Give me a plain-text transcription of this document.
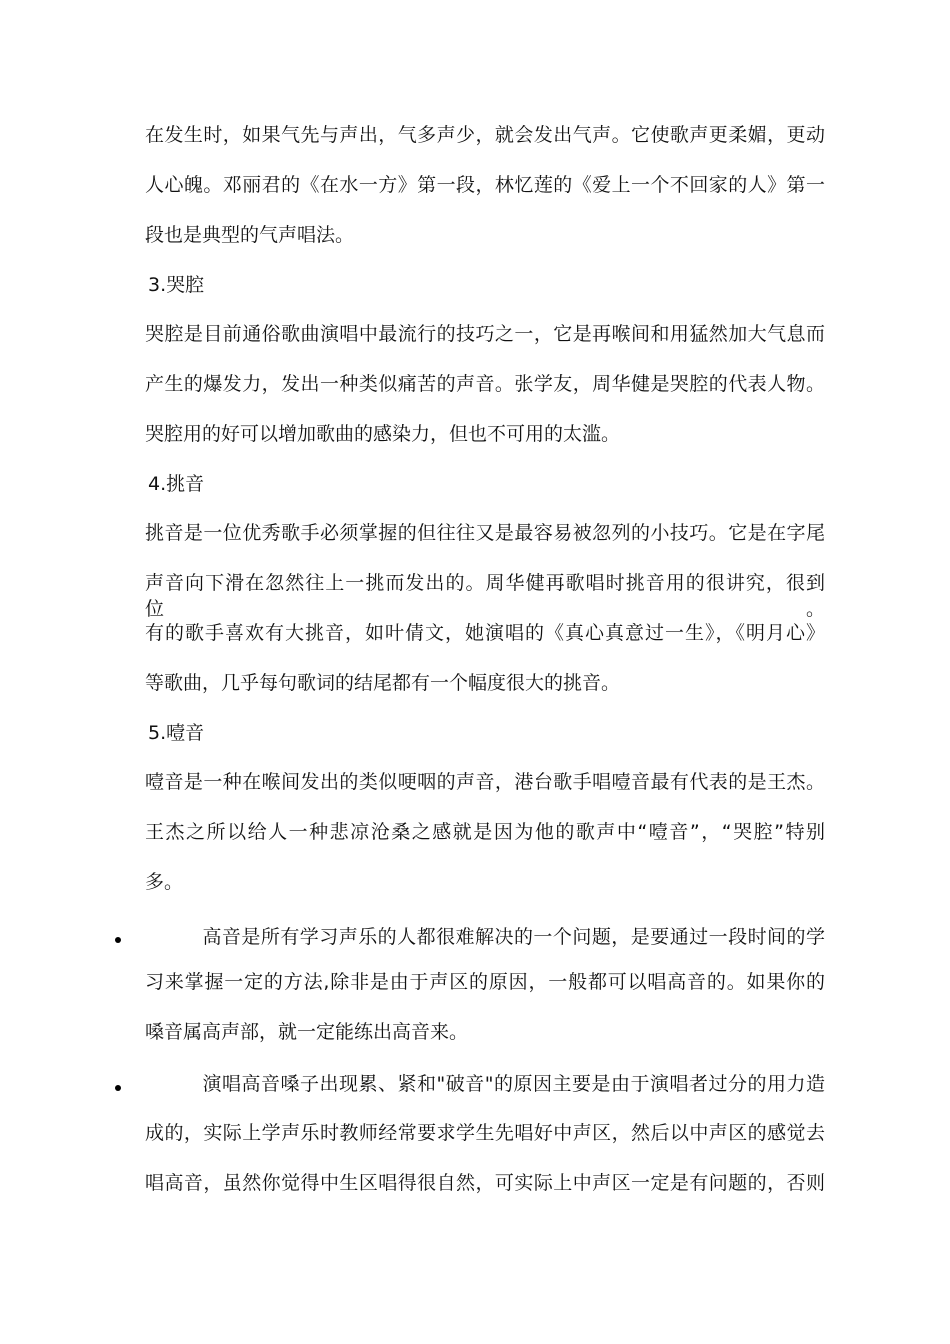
在发生时，如果气先与声出，气多声少，就会发出气声。它使歌声更柔媚，更动
人心魄。邓丽君的《在水一方》第一段，林忆莲的《爱上一个不回家的人》第一
段也是典型的气声唱法。
3.哭腔
哭腔是目前通俗歌曲演唱中最流行的技巧之一，它是再喉间和用猛然加大气息而
产生的爆发力，发出一种类似痛苦的声音。张学友，周华健是哭腔的代表人物。
哭腔用的好可以增加歌曲的感染力，但也不可用的太滥。
4.挑音
挑音是一位优秀歌手必须掌握的但往往又是最容易被忽列的小技巧。它是在字尾
声音向下滑在忽然往上一挑而发出的。周华健再歌唱时挑音用的很讲究，很到位。
有的歌手喜欢有大挑音，如叶倩文，她演唱的《真心真意过一生》，《明月心》
等歌曲，几乎每句歌词的结尾都有一个幅度很大的挑音。
5.噎音
噎音是一种在喉间发出的类似哽咽的声音，港台歌手唱噎音最有代表的是王杰。
王杰之所以给人一种悲凉沧桑之感就是因为他的歌声中“噎音”，“哭腔”特别
多。
高音是所有学习声乐的人都很难解决的一个问题，是要通过一段时间的学
习来掌握一定的方法,除非是由于声区的原因，一般都可以唱高音的。如果你的
嗓音属高声部，就一定能练出高音来。
演唱高音嗓子出现累、紧和"破音"的原因主要是由于演唱者过分的用力造
成的，实际上学声乐时教师经常要求学生先唱好中声区，然后以中声区的感觉去
唱高音，虽然你觉得中生区唱得很自然，可实际上中声区一定是有问题的，否则
